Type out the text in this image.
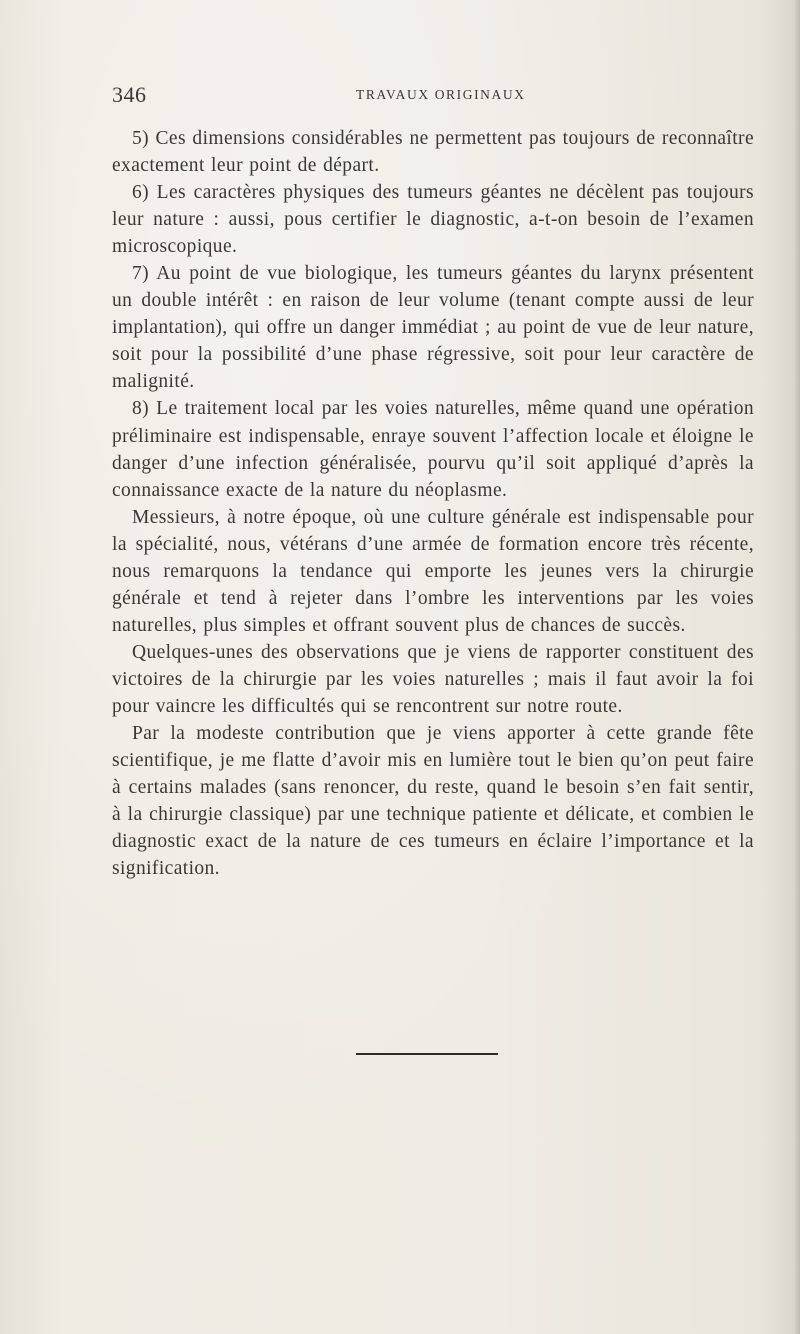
346	TRAVAUX ORIGINAUX

5) Ces dimensions considérables ne permettent pas toujours de reconnaître exactement leur point de départ.

6) Les caractères physiques des tumeurs géantes ne décèlent pas toujours leur nature : aussi, pous certifier le diagnostic, a-t-on besoin de l’examen microscopique.

7) Au point de vue biologique, les tumeurs géantes du larynx présentent un double intérêt : en raison de leur volume (tenant compte aussi de leur implantation), qui offre un danger immédiat ; au point de vue de leur nature, soit pour la possibilité d’une phase régressive, soit pour leur caractère de malignité.

8) Le traitement local par les voies naturelles, même quand une opération préliminaire est indispensable, enraye souvent l’affection locale et éloigne le danger d’une infection généralisée, pourvu qu’il soit appliqué d’après la connaissance exacte de la nature du néoplasme.

Messieurs, à notre époque, où une culture générale est indispensable pour la spécialité, nous, vétérans d’une armée de formation encore très récente, nous remarquons la tendance qui emporte les jeunes vers la chirurgie générale et tend à rejeter dans l’ombre les interventions par les voies naturelles, plus simples et offrant souvent plus de chances de succès.

Quelques-unes des observations que je viens de rapporter constituent des victoires de la chirurgie par les voies naturelles ; mais il faut avoir la foi pour vaincre les difficultés qui se rencontrent sur notre route.

Par la modeste contribution que je viens apporter à cette grande fête scientifique, je me flatte d’avoir mis en lumière tout le bien qu’on peut faire à certains malades (sans renoncer, du reste, quand le besoin s’en fait sentir, à la chirurgie classique) par une technique patiente et délicate, et combien le diagnostic exact de la nature de ces tumeurs en éclaire l’importance et la signification.
